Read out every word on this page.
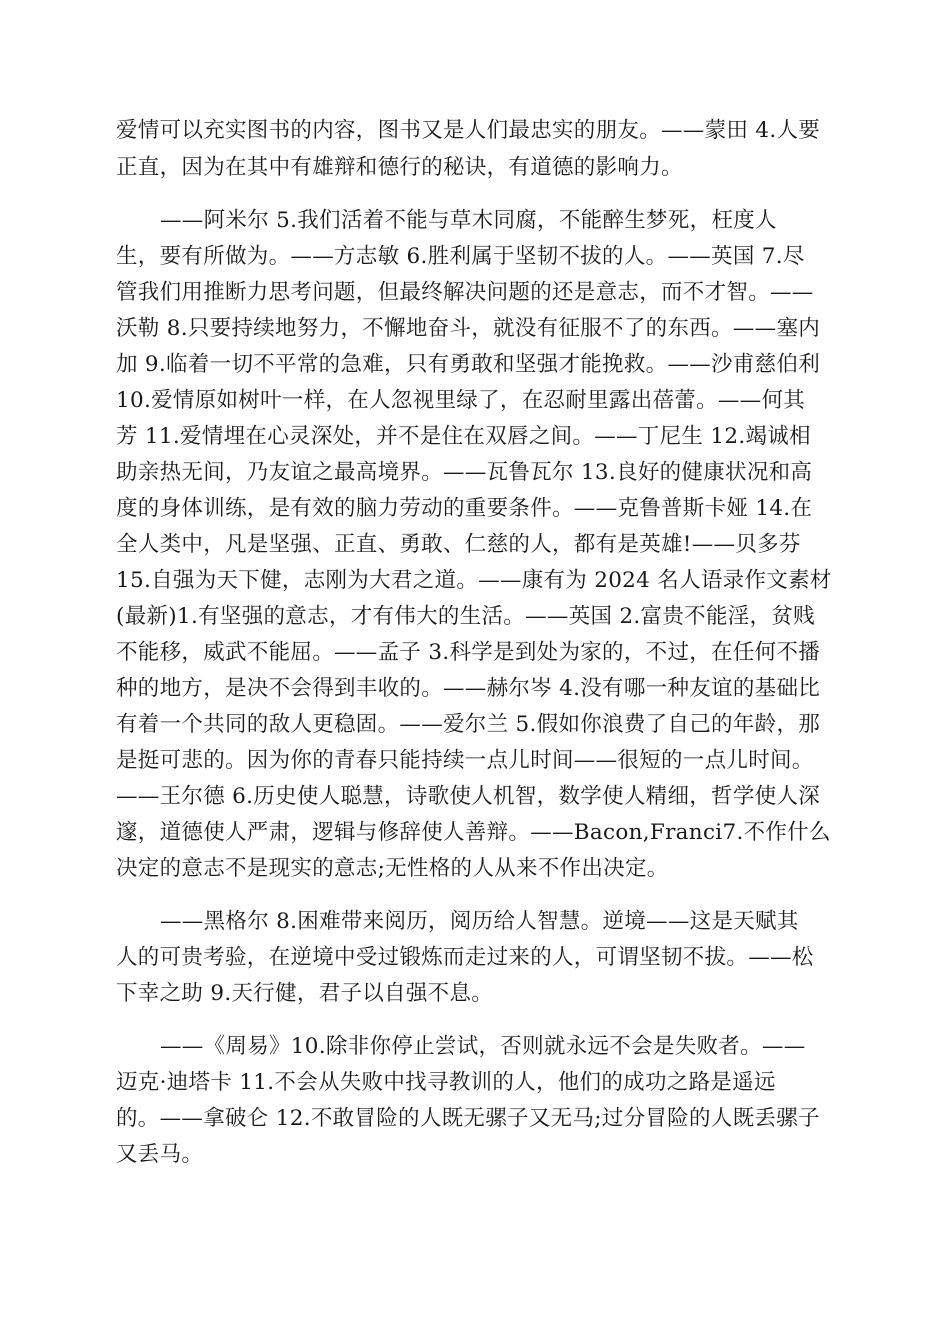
爱情可以充实图书的内容，图书又是人们最忠实的朋友。——蒙田 4.人要
正直，因为在其中有雄辩和德行的秘诀，有道德的影响力。
——阿米尔 5.我们活着不能与草木同腐，不能醉生梦死，枉度人
生，要有所做为。——方志敏 6.胜利属于坚韧不拔的人。——英国 7.尽
管我们用推断力思考问题，但最终解决问题的还是意志，而不才智。——
沃勒 8.只要持续地努力，不懈地奋斗，就没有征服不了的东西。——塞内
加 9.临着一切不平常的急难，只有勇敢和坚强才能挽救。——沙甫慈伯利
10.爱情原如树叶一样，在人忽视里绿了，在忍耐里露出蓓蕾。——何其
芳 11.爱情埋在心灵深处，并不是住在双唇之间。——丁尼生 12.竭诚相
助亲热无间，乃友谊之最高境界。——瓦鲁瓦尔 13.良好的健康状况和高
度的身体训练，是有效的脑力劳动的重要条件。——克鲁普斯卡娅 14.在
全人类中，凡是坚强、正直、勇敢、仁慈的人，都有是英雄!——贝多芬
15.自强为天下健，志刚为大君之道。——康有为 2024 名人语录作文素材
(最新)1.有坚强的意志，才有伟大的生活。——英国 2.富贵不能淫，贫贱
不能移，威武不能屈。——孟子 3.科学是到处为家的，不过，在任何不播
种的地方，是决不会得到丰收的。——赫尔岑 4.没有哪一种友谊的基础比
有着一个共同的敌人更稳固。——爱尔兰 5.假如你浪费了自己的年龄，那
是挺可悲的。因为你的青春只能持续一点儿时间——很短的一点儿时间。
——王尔德 6.历史使人聪慧，诗歌使人机智，数学使人精细，哲学使人深
邃，道德使人严肃，逻辑与修辞使人善辩。——Bacon,Franci7.不作什么
决定的意志不是现实的意志;无性格的人从来不作出决定。
——黑格尔 8.困难带来阅历，阅历给人智慧。逆境——这是天赋其
人的可贵考验，在逆境中受过锻炼而走过来的人，可谓坚韧不拔。——松
下幸之助 9.天行健，君子以自强不息。
——《周易》10.除非你停止尝试，否则就永远不会是失败者。——
迈克·迪塔卡 11.不会从失败中找寻教训的人，他们的成功之路是遥远
的。——拿破仑 12.不敢冒险的人既无骡子又无马;过分冒险的人既丢骡子
又丢马。
